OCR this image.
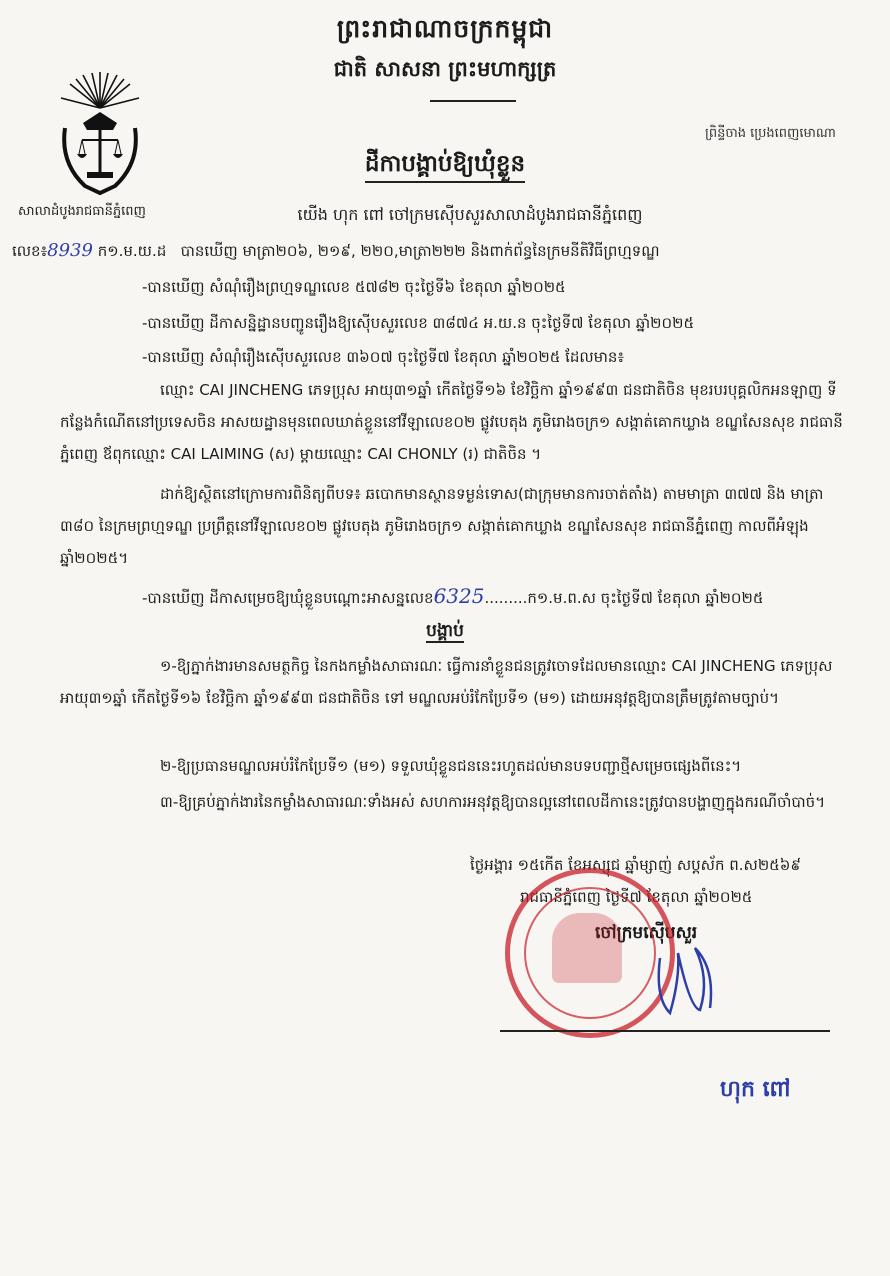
ព្រះរាជាណាចក្រកម្ពុជា
ជាតិ សាសនា ព្រះមហាក្សត្រ
សាលាដំបូងរាជធានីភ្នំពេញ
ព្រិន្ទីចាង ប្រេងពេញមោណា
ដីកាបង្គាប់ឱ្យឃុំខ្លួន
យើង ហុក ពៅ ចៅក្រមស៊ើបសួរសាលាដំបូងរាជធានីភ្នំពេញ
លេខ៖8939 ក១.ម.យ.ដ បានឃើញ មាត្រា២០៦, ២១៩, ២២០,មាត្រា២២២ និងពាក់ព័ន្ធនៃក្រមនីតិវិធីព្រហ្មទណ្ឌ
-បានឃើញ សំណុំរឿងព្រហ្មទណ្ឌលេខ ៥៧៨២ ចុះថ្ងៃទី៦ ខែតុលា ឆ្នាំ២០២៥
-បានឃើញ ដីកាសន្និដ្ឋានបញ្ជូនរឿងឱ្យស៊ើបសួរលេខ ៣៨៧៤ អ.យ.ន ចុះថ្ងៃទី៧ ខែតុលា ឆ្នាំ២០២៥
-បានឃើញ សំណុំរឿងស៊ើបសួរលេខ ៣៦០៧ ចុះថ្ងៃទី៧ ខែតុលា ឆ្នាំ២០២៥ ដែលមាន៖
ឈ្មោះ CAI JINCHENG ភេទប្រុស អាយុ៣១ឆ្នាំ កើតថ្ងៃទី១៦ ខែវិច្ឆិកា ឆ្នាំ១៩៩៣ ជនជាតិចិន មុខរបរបុគ្គលិកអនឡាញ ទីកន្លែងកំណើតនៅប្រទេសចិន អាសយដ្ឋានមុនពេលឃាត់ខ្លួននៅវីឡាលេខ០២ ផ្លូវបេតុង ភូមិរោងចក្រ១ សង្កាត់គោកឃ្លាង ខណ្ឌសែនសុខ រាជធានីភ្នំពេញ ឪពុកឈ្មោះ CAI LAIMING (ស) ម្តាយឈ្មោះ CAI CHONLY (រ) ជាតិចិន ។
ដាក់ឱ្យស្ថិតនៅក្រោមការពិនិត្យពីបទ៖ ឆបោកមានស្ថានទម្ងន់ទោស(ជាក្រុមមានការចាត់តាំង) តាមមាត្រា ៣៧៧ និង មាត្រា ៣៨០ នៃក្រមព្រហ្មទណ្ឌ ប្រព្រឹត្តនៅវីឡាលេខ០២ ផ្លូវបេតុង ភូមិរោងចក្រ១ សង្កាត់គោកឃ្លាង ខណ្ឌសែនសុខ រាជធានីភ្នំពេញ កាលពីអំឡុងឆ្នាំ២០២៥។
-បានឃើញ ដីកាសម្រេចឱ្យឃុំខ្លួនបណ្តោះអាសន្នលេខ6325.........ក១.ម.ព.ស ចុះថ្ងៃទី៧ ខែតុលា ឆ្នាំ២០២៥
បង្គាប់
១-ឱ្យភ្នាក់ងារមានសមត្ថកិច្ច នៃកងកម្លាំងសាធារណៈ ធ្វើការនាំខ្លួនជនត្រូវចោទដែលមានឈ្មោះ CAI JINCHENG ភេទប្រុស អាយុ៣១ឆ្នាំ កើតថ្ងៃទី១៦ ខែវិច្ឆិកា ឆ្នាំ១៩៩៣ ជនជាតិចិន ទៅ មណ្ឌលអប់រំកែប្រែទី១ (ម១) ដោយអនុវត្តឱ្យបានត្រឹមត្រូវតាមច្បាប់។
២-ឱ្យប្រធានមណ្ឌលអប់រំកែប្រែទី១ (ម១) ទទួលឃុំខ្លួនជននេះរហូតដល់មានបទបញ្ជាថ្មីសម្រេចផ្សេងពីនេះ។
៣-ឱ្យគ្រប់ភ្នាក់ងារនៃកម្លាំងសាធារណៈទាំងអស់ សហការអនុវត្តឱ្យបានល្អនៅពេលដីកានេះត្រូវបានបង្ហាញក្នុងករណីចាំបាច់។
ថ្ងៃអង្គារ ១៥កើត ខែអស្សុជ ឆ្នាំម្សាញ់ សប្តស័ក ព.ស២៥៦៩
រាជធានីភ្នំពេញ ថ្ងៃទី៧ ខែតុលា ឆ្នាំ២០២៥
ចៅក្រមស៊ើបសួរ
ហុក ពៅ
